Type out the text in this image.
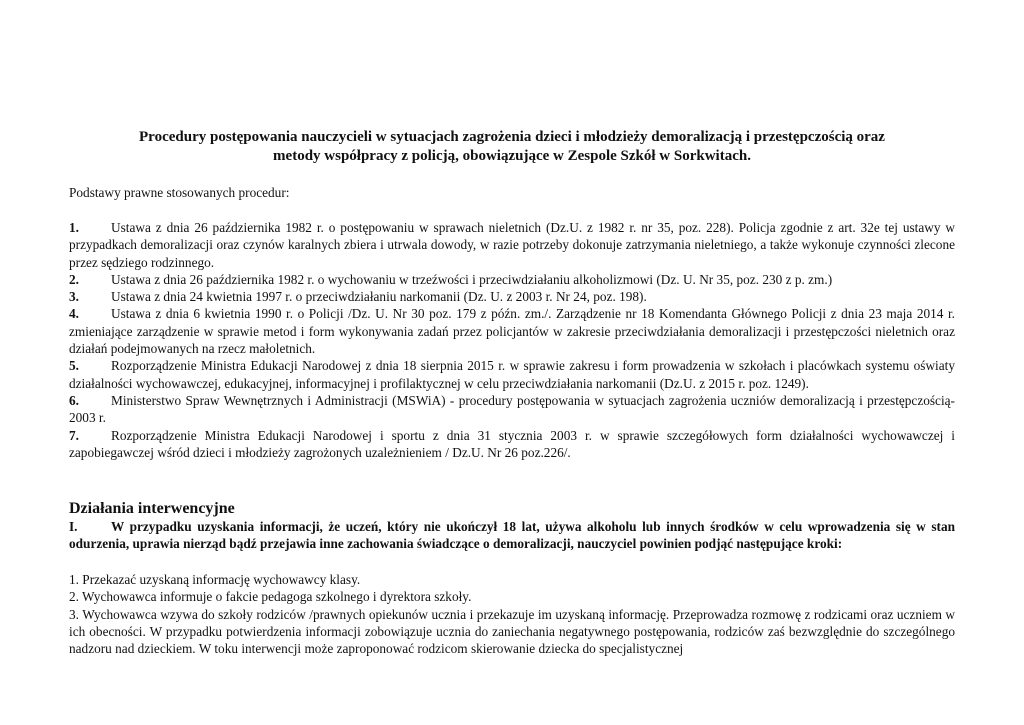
Procedury postępowania nauczycieli w sytuacjach zagrożenia dzieci i młodzieży demoralizacją i przestępczością oraz
metody współpracy z policją, obowiązujące w Zespole Szkół w Sorkwitach.
Podstawy prawne stosowanych procedur:

1. Ustawa z dnia 26 października 1982 r. o postępowaniu w sprawach nieletnich (Dz.U. z 1982 r. nr 35, poz. 228). Policja zgodnie z art. 32e tej ustawy w przypadkach demoralizacji oraz czynów karalnych zbiera i utrwala dowody, w razie potrzeby dokonuje zatrzymania nieletniego, a także wykonuje czynności zlecone przez sędziego rodzinnego.

2. Ustawa z dnia 26 października 1982 r. o wychowaniu w trzeźwości i przeciwdziałaniu alkoholizmowi (Dz. U. Nr 35, poz. 230 z p. zm.)

3. Ustawa z dnia 24 kwietnia 1997 r. o przeciwdziałaniu narkomanii (Dz. U. z 2003 r. Nr 24, poz. 198).

4. Ustawa z dnia 6 kwietnia 1990 r. o Policji /Dz. U. Nr 30 poz. 179 z późn. zm./. Zarządzenie nr 18 Komendanta Głównego Policji z dnia 23 maja 2014 r. zmieniające zarządzenie w sprawie metod i form wykonywania zadań przez policjantów w zakresie przeciwdziałania demoralizacji i przestępczości nieletnich oraz działań podejmowanych na rzecz małoletnich.

5. Rozporządzenie Ministra Edukacji Narodowej z dnia 18 sierpnia 2015 r. w sprawie zakresu i form prowadzenia w szkołach i placówkach systemu oświaty działalności wychowawczej, edukacyjnej, informacyjnej i profilaktycznej w celu przeciwdziałania narkomanii (Dz.U. z 2015 r. poz. 1249).

6. Ministerstwo Spraw Wewnętrznych i Administracji (MSWiA) - procedury postępowania w sytuacjach zagrożenia uczniów demoralizacją i przestępczością- 2003 r.

7. Rozporządzenie Ministra Edukacji Narodowej i sportu z dnia 31 stycznia 2003 r. w sprawie szczegółowych form działalności wychowawczej i zapobiegawczej wśród dzieci i młodzieży zagrożonych uzależnieniem / Dz.U. Nr 26 poz.226/.

Działania interwencyjne

I.	W przypadku uzyskania informacji, że uczeń, który nie ukończył 18 lat, używa alkoholu lub innych środków w celu wprowadzenia się w stan odurzenia, uprawia nierząd bądź przejawia inne zachowania świadczące o demoralizacji, nauczyciel powinien podjąć następujące kroki:

1. Przekazać uzyskaną informację wychowawcy klasy.

2. Wychowawca informuje o fakcie pedagoga szkolnego i dyrektora szkoły.

3. Wychowawca wzywa do szkoły rodziców /prawnych opiekunów ucznia i przekazuje im uzyskaną informację. Przeprowadza rozmowę z rodzicami oraz uczniem w ich obecności. W przypadku potwierdzenia informacji zobowiązuje ucznia do zaniechania negatywnego postępowania, rodziców zaś bezwzględnie do szczególnego nadzoru nad dzieckiem. W toku interwencji może zaproponować rodzicom skierowanie dziecka do specjalistycznej
